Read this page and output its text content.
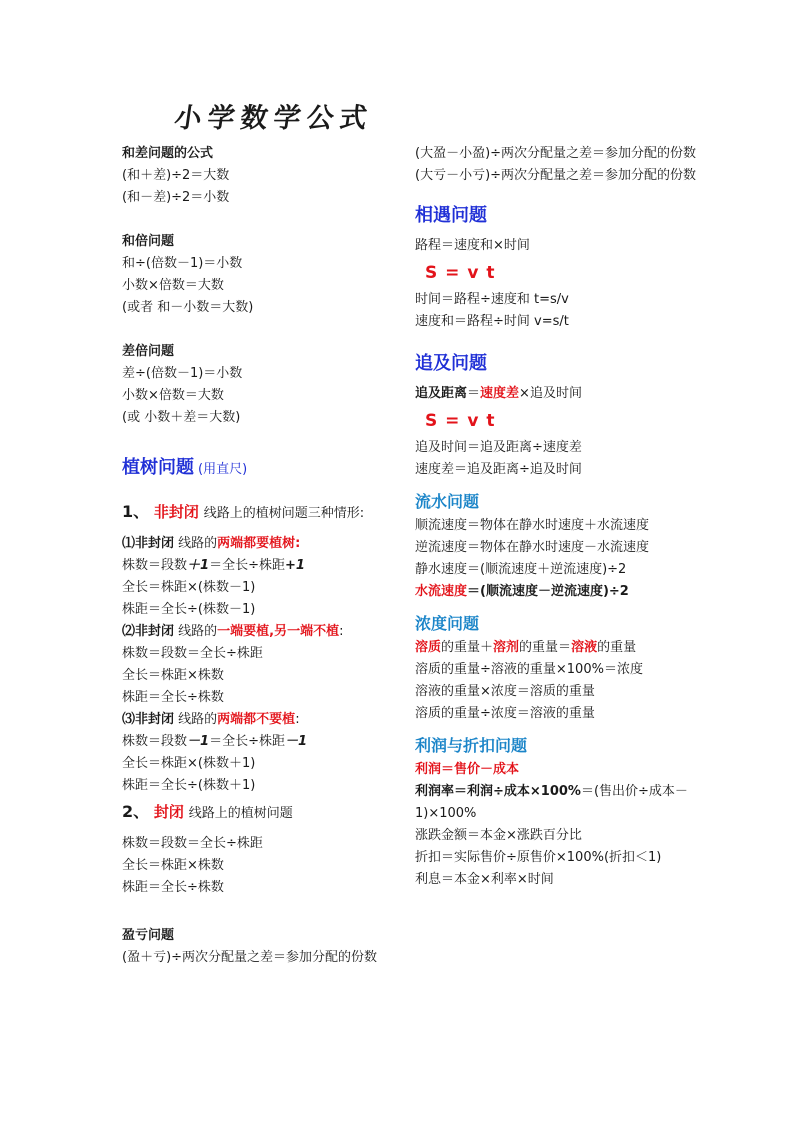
小学数学公式
和差问题的公式
(和＋差)÷2＝大数
(和－差)÷2＝小数
和倍问题
和÷(倍数－1)＝小数
小数×倍数＝大数
(或者 和－小数＝大数)
差倍问题
差÷(倍数－1)＝小数
小数×倍数＝大数
(或 小数＋差＝大数)
植树问题 (用直尺)
1、 非封闭 线路上的植树问题三种情形:
⑴非封闭 线路的两端都要植树:
株数＝段数＋1＝全长÷株距+1
全长＝株距×(株数－1)
株距＝全长÷(株数－1)
⑵非封闭 线路的一端要植,另一端不植:
株数＝段数＝全长÷株距
全长＝株距×株数
株距＝全长÷株数
⑶非封闭 线路的两端都不要植:
株数＝段数－1＝全长÷株距－1
全长＝株距×(株数＋1)
株距＝全长÷(株数＋1)
2、 封闭 线路上的植树问题
株数＝段数＝全长÷株距
全长＝株距×株数
株距＝全长÷株数
盈亏问题
(盈＋亏)÷两次分配量之差＝参加分配的份数
(大盈－小盈)÷两次分配量之差＝参加分配的份数
(大亏－小亏)÷两次分配量之差＝参加分配的份数
相遇问题
路程＝速度和×时间
S = v t
时间＝路程÷速度和 t=s/v
速度和＝路程÷时间 v=s/t
追及问题
追及距离＝速度差×追及时间
S = v t
追及时间＝追及距离÷速度差
速度差＝追及距离÷追及时间
流水问题
顺流速度＝物体在静水时速度＋水流速度
逆流速度＝物体在静水时速度－水流速度
静水速度＝(顺流速度＋逆流速度)÷2
水流速度＝(顺流速度－逆流速度)÷2
浓度问题
溶质的重量＋溶剂的重量＝溶液的重量
溶质的重量÷溶液的重量×100%＝浓度
溶液的重量×浓度＝溶质的重量
溶质的重量÷浓度＝溶液的重量
利润与折扣问题
利润＝售价－成本
利润率＝利润÷成本×100%＝(售出价÷成本－1)×100%
涨跌金额＝本金×涨跌百分比
折扣＝实际售价÷原售价×100%(折扣＜1)
利息＝本金×利率×时间
